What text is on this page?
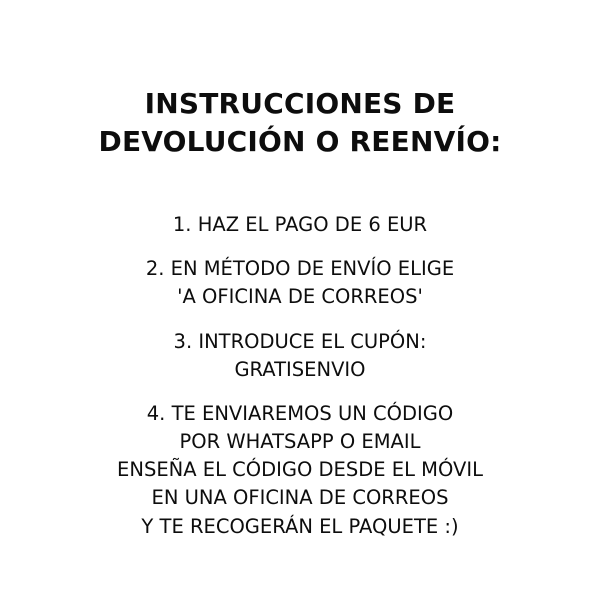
INSTRUCCIONES DE
DEVOLUCIÓN O REENVÍO:
1. HAZ EL PAGO DE 6 EUR
2. EN MÉTODO DE ENVÍO ELIGE
'A OFICINA DE CORREOS'
3. INTRODUCE EL CUPÓN:
GRATISENVIO
4. TE ENVIAREMOS UN CÓDIGO
POR WHATSAPP O EMAIL
ENSEÑA EL CÓDIGO DESDE EL MÓVIL
EN UNA OFICINA DE CORREOS
Y TE RECOGERÁN EL PAQUETE :)
